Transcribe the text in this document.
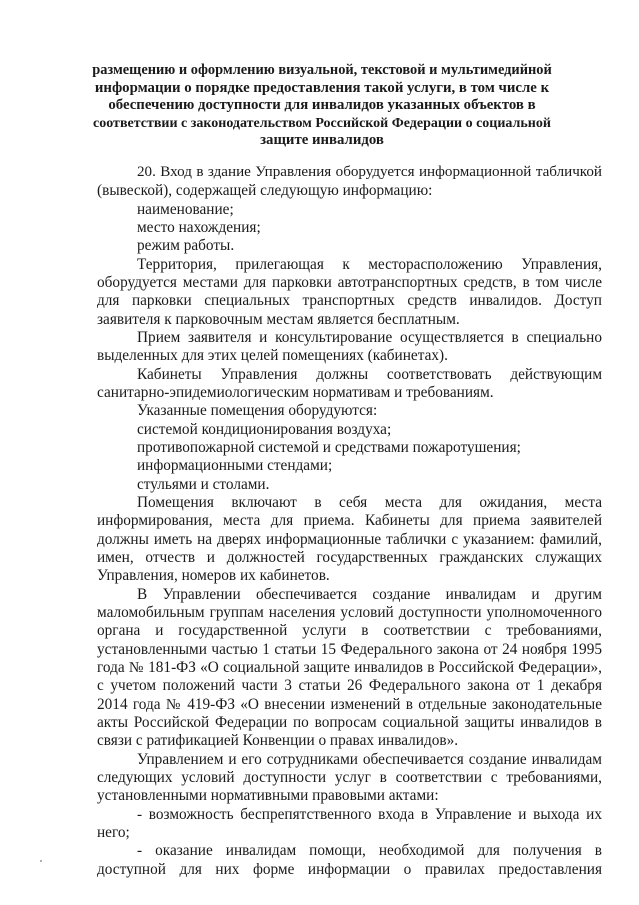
размещению и оформлению визуальной, текстовой и мультимедийной
информации о порядке предоставления такой услуги, в том числе к
обеспечению доступности для инвалидов указанных объектов в
соответствии с законодательством Российской Федерации о социальной
защите инвалидов
20. Вход в здание Управления оборудуется информационной табличкой
(вывеской), содержащей следующую информацию:
наименование;
место нахождения;
режим работы.
Территория, прилегающая к месторасположению Управления,
оборудуется местами для парковки автотранспортных средств, в том числе
для парковки специальных транспортных средств инвалидов. Доступ
заявителя к парковочным местам является бесплатным.
Прием заявителя и консультирование осуществляется в специально
выделенных для этих целей помещениях (кабинетах).
Кабинеты Управления должны соответствовать действующим
санитарно-эпидемиологическим нормативам и требованиям.
Указанные помещения оборудуются:
системой кондиционирования воздуха;
противопожарной системой и средствами пожаротушения;
информационными стендами;
стульями и столами.
Помещения включают в себя места для ожидания, места
информирования, места для приема. Кабинеты для приема заявителей
должны иметь на дверях информационные таблички с указанием: фамилий,
имен, отчеств и должностей государственных гражданских служащих
Управления, номеров их кабинетов.
В Управлении обеспечивается создание инвалидам и другим
маломобильным группам населения условий доступности уполномоченного
органа и государственной услуги в соответствии с требованиями,
установленными частью 1 статьи 15 Федерального закона от 24 ноября 1995
года № 181-ФЗ «О социальной защите инвалидов в Российской Федерации»,
с учетом положений части 3 статьи 26 Федерального закона от 1 декабря
2014 года № 419-ФЗ «О внесении изменений в отдельные законодательные
акты Российской Федерации по вопросам социальной защиты инвалидов в
связи с ратификацией Конвенции о правах инвалидов».
Управлением и его сотрудниками обеспечивается создание инвалидам
следующих условий доступности услуг в соответствии с требованиями,
установленными нормативными правовыми актами:
- возможность беспрепятственного входа в Управление и выхода их
него;
- оказание инвалидам помощи, необходимой для получения в
доступной для них форме информации о правилах предоставления
